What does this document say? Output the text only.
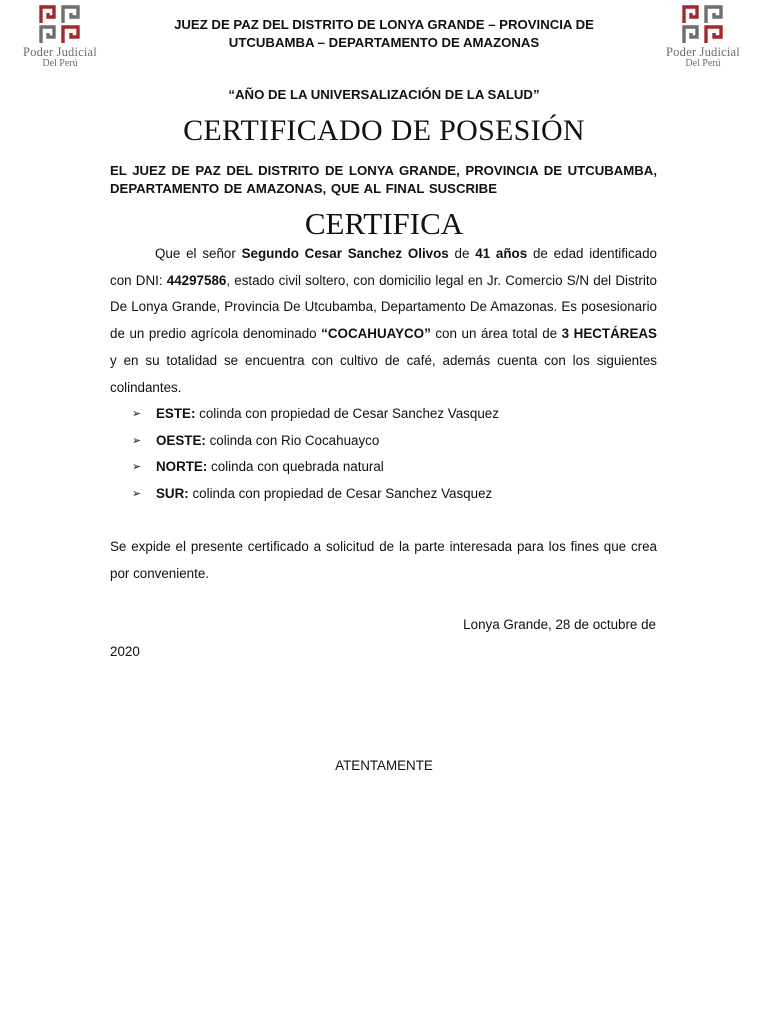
Poder Judicial
Del Perú
Poder Judicial
Del Perú
JUEZ DE PAZ DEL DISTRITO DE LONYA GRANDE – PROVINCIA DE
UTCUBAMBA – DEPARTAMENTO DE AMAZONAS
“AÑO DE LA UNIVERSALIZACIÓN DE LA SALUD”
CERTIFICADO DE POSESIÓN
EL JUEZ DE PAZ DEL DISTRITO DE LONYA GRANDE, PROVINCIA DE UTCUBAMBA, DEPARTAMENTO DE AMAZONAS, QUE AL FINAL SUSCRIBE
CERTIFICA

Que el señor Segundo Cesar Sanchez Olivos de 41 años de edad identificado con DNI: 44297586, estado civil soltero, con domicilio legal en Jr. Comercio S/N del Distrito De Lonya Grande, Provincia De Utcubamba, Departamento De Amazonas. Es posesionario de un predio agrícola denominado “COCAHUAYCO” con un área total de 3 HECTÁREAS y en su totalidad se encuentra con cultivo de café, además cuenta con los siguientes colindantes.

➢ ESTE: colinda con propiedad de Cesar Sanchez Vasquez
➢ OESTE: colinda con Rio Cocahuayco
➢ NORTE: colinda con quebrada natural
➢ SUR: colinda con propiedad de Cesar Sanchez Vasquez

Se expide el presente certificado a solicitud de la parte interesada para los fines que crea por conveniente.

Lonya Grande, 28 de octubre de

2020

ATENTAMENTE
